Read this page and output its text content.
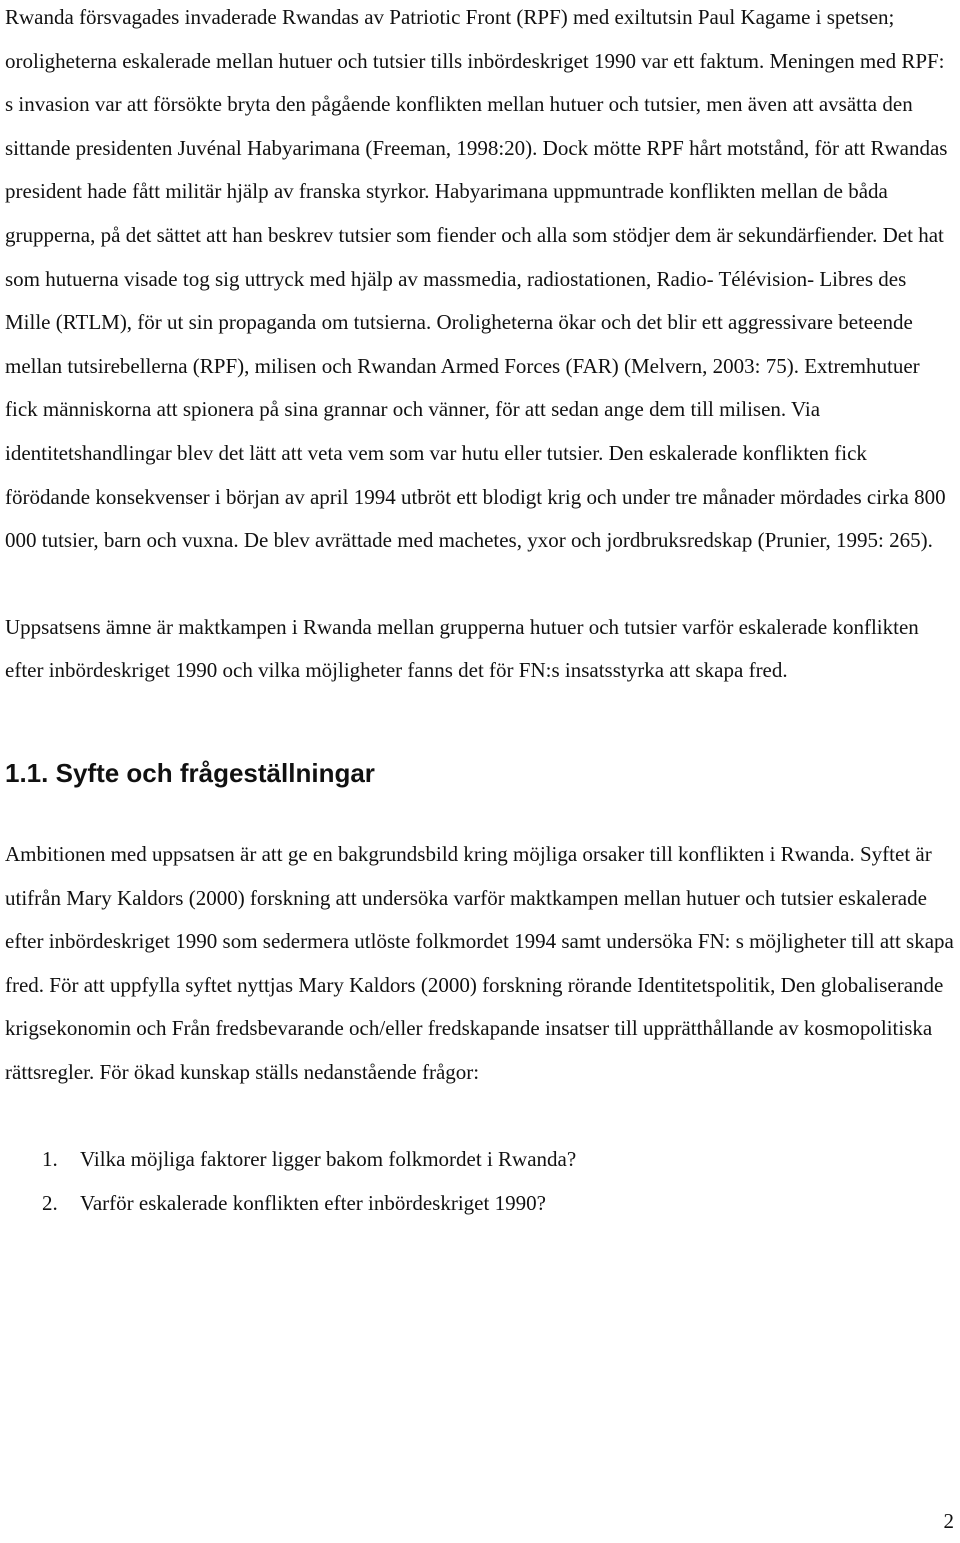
Rwanda försvagades invaderade Rwandas av Patriotic Front (RPF) med exiltutsin Paul Kagame i spetsen; oroligheterna eskalerade mellan hutuer och tutsier tills inbördeskriget 1990 var ett faktum. Meningen med RPF: s invasion var att försökte bryta den pågående konflikten mellan hutuer och tutsier, men även att avsätta den sittande presidenten Juvénal Habyarimana (Freeman, 1998:20). Dock mötte RPF hårt motstånd, för att Rwandas president hade fått militär hjälp av franska styrkor. Habyarimana uppmuntrade konflikten mellan de båda grupperna, på det sättet att han beskrev tutsier som fiender och alla som stödjer dem är sekundärfiender. Det hat som hutuerna visade tog sig uttryck med hjälp av massmedia, radiostationen, Radio- Télévision- Libres des Mille (RTLM), för ut sin propaganda om tutsierna. Oroligheterna ökar och det blir ett aggressivare beteende mellan tutsirebellerna (RPF), milisen och Rwandan Armed Forces (FAR) (Melvern, 2003: 75). Extremhutuer fick människorna att spionera på sina grannar och vänner, för att sedan ange dem till milisen. Via identitetshandlingar blev det lätt att veta vem som var hutu eller tutsier. Den eskalerade konflikten fick förödande konsekvenser i början av april 1994 utbröt ett blodigt krig och under tre månader mördades cirka 800 000 tutsier, barn och vuxna. De blev avrättade med machetes, yxor och jordbruksredskap (Prunier, 1995: 265).

Uppsatsens ämne är maktkampen i Rwanda mellan grupperna hutuer och tutsier varför eskalerade konflikten efter inbördeskriget 1990 och vilka möjligheter fanns det för FN:s insatsstyrka att skapa fred.

1.1. Syfte och frågeställningar

Ambitionen med uppsatsen är att ge en bakgrundsbild kring möjliga orsaker till konflikten i Rwanda. Syftet är utifrån Mary Kaldors (2000) forskning att undersöka varför maktkampen mellan hutuer och tutsier eskalerade efter inbördeskriget 1990 som sedermera utlöste folkmordet 1994 samt undersöka FN: s möjligheter till att skapa fred. För att uppfylla syftet nyttjas Mary Kaldors (2000) forskning rörande Identitetspolitik, Den globaliserande krigsekonomin och Från fredsbevarande och/eller fredskapande insatser till upprätthållande av kosmopolitiska rättsregler. För ökad kunskap ställs nedanstående frågor:

1.	Vilka möjliga faktorer ligger bakom folkmordet i Rwanda?
2.	Varför eskalerade konflikten efter inbördeskriget 1990?
2
